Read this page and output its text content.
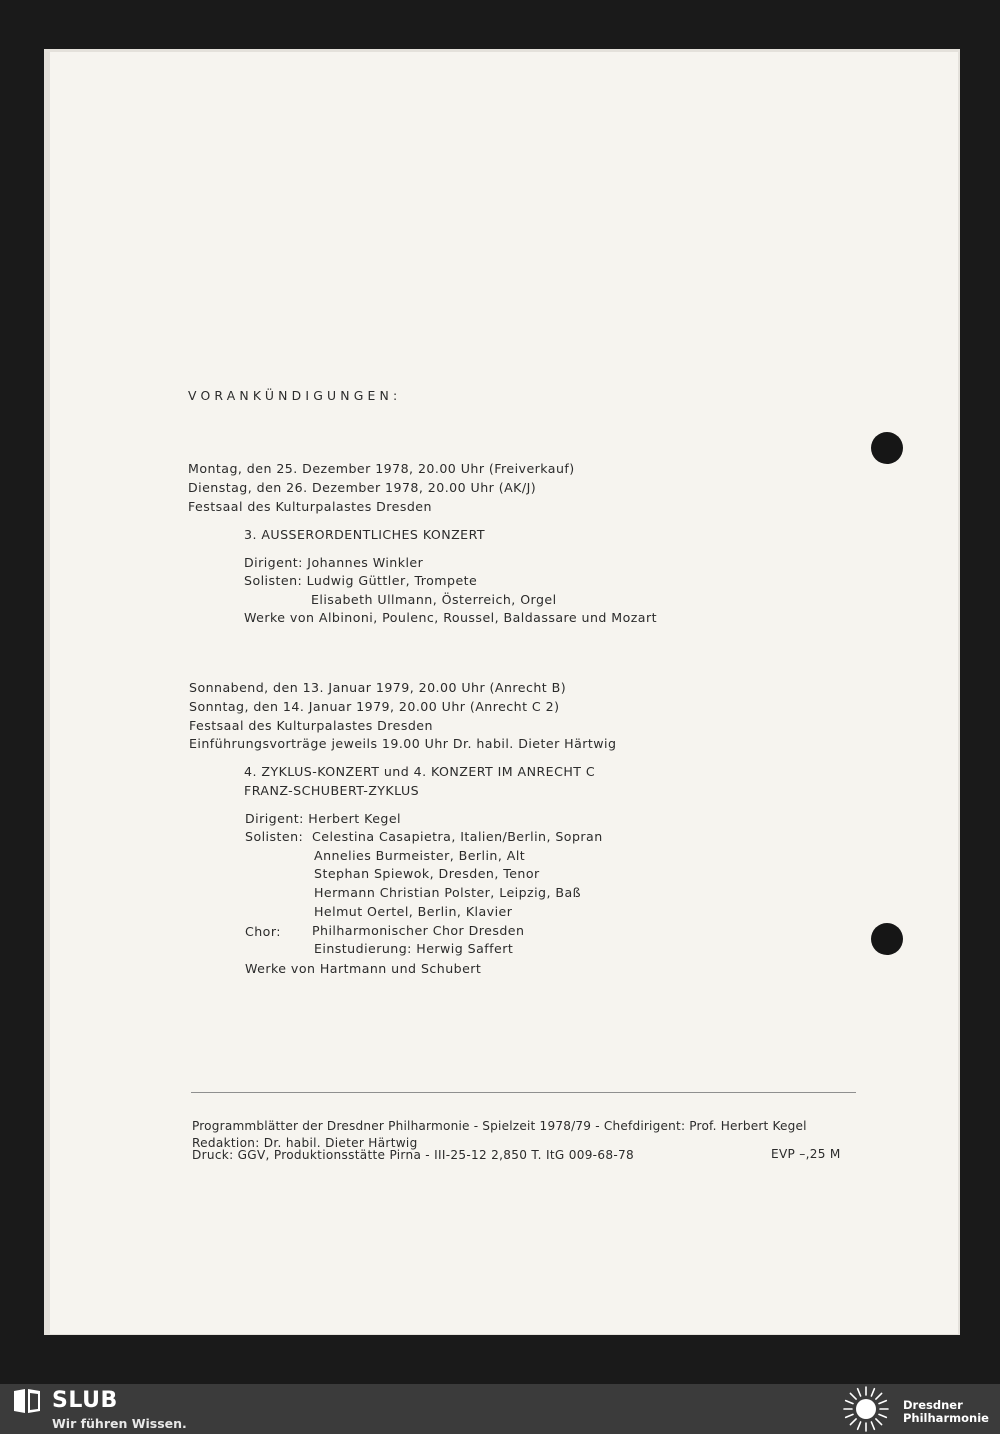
VORANKÜNDIGUNGEN:
Montag, den 25. Dezember 1978, 20.00 Uhr (Freiverkauf)
Dienstag, den 26. Dezember 1978, 20.00 Uhr (AK/J)
Festsaal des Kulturpalastes Dresden
3. AUSSERORDENTLICHES KONZERT
Dirigent: Johannes Winkler
Solisten: Ludwig Güttler, Trompete
Elisabeth Ullmann, Österreich, Orgel
Werke von Albinoni, Poulenc, Roussel, Baldassare und Mozart
Sonnabend, den 13. Januar 1979, 20.00 Uhr (Anrecht B)
Sonntag, den 14. Januar 1979, 20.00 Uhr (Anrecht C 2)
Festsaal des Kulturpalastes Dresden
Einführungsvorträge jeweils 19.00 Uhr Dr. habil. Dieter Härtwig
4. ZYKLUS-KONZERT und 4. KONZERT IM ANRECHT C
FRANZ-SCHUBERT-ZYKLUS
Dirigent: Herbert Kegel
Solisten: Celestina Casapietra, Italien/Berlin, Sopran
Annelies Burmeister, Berlin, Alt
Stephan Spiewok, Dresden, Tenor
Hermann Christian Polster, Leipzig, Baß
Helmut Oertel, Berlin, Klavier
Chor: Philharmonischer Chor Dresden
Einstudierung: Herwig Saffert
Werke von Hartmann und Schubert
Programmblätter der Dresdner Philharmonie - Spielzeit 1978/79 - Chefdirigent: Prof. Herbert Kegel
Redaktion: Dr. habil. Dieter Härtwig
Druck: GGV, Produktionsstätte Pirna - III-25-12 2,850 T. ItG 009-68-78	EVP –,25 M
SLUB
Wir führen Wissen.
Dresdner
Philharmonie
